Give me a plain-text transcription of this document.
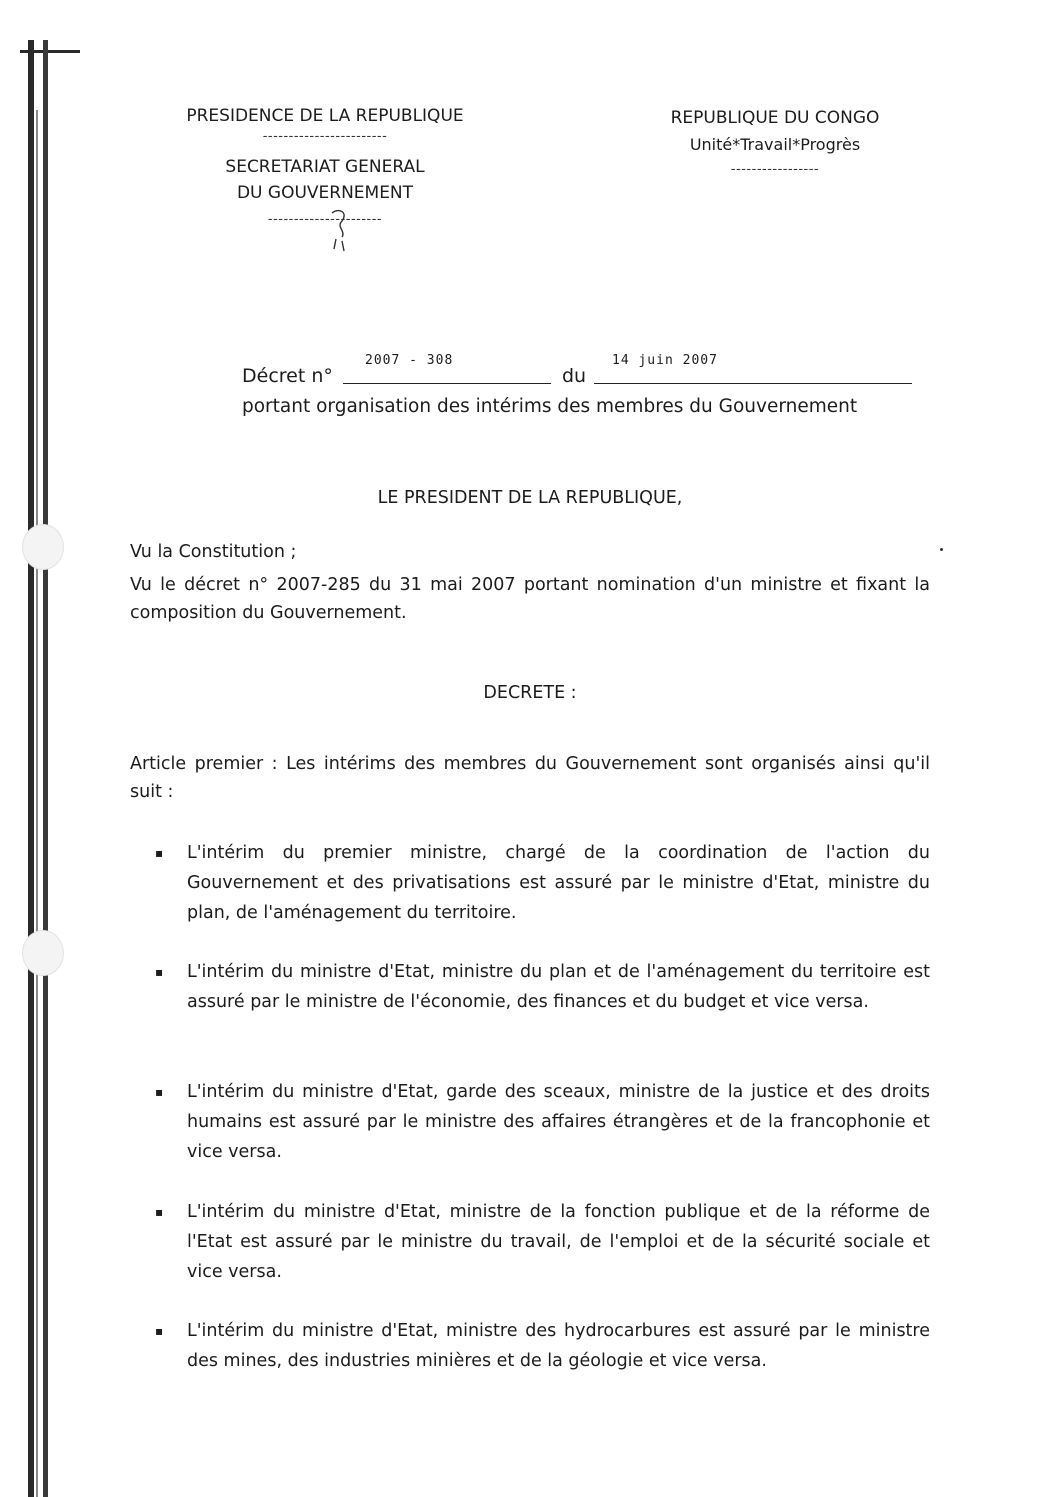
PRESIDENCE DE LA REPUBLIQUE
------------------------
SECRETARIAT GENERAL
DU GOUVERNEMENT
----------------------
REPUBLIQUE DU CONGO
Unité*Travail*Progrès
-----------------
Décret n°
2007 - 308
du
14 juin 2007
portant organisation des intérims des membres du Gouvernement
LE PRESIDENT DE LA REPUBLIQUE,
Vu la Constitution ;
Vu le décret n° 2007-285 du 31 mai 2007 portant nomination d'un ministre et fixant la composition du Gouvernement.
DECRETE :
Article premier : Les intérims des membres du Gouvernement sont organisés ainsi qu'il suit :
▪ L'intérim du premier ministre, chargé de la coordination de l'action du Gouvernement et des privatisations est assuré par le ministre d'Etat, ministre du plan, de l'aménagement du territoire.
▪ L'intérim du ministre d'Etat, ministre du plan et de l'aménagement du territoire est assuré par le ministre de l'économie, des finances et du budget et vice versa.
▪ L'intérim du ministre d'Etat, garde des sceaux, ministre de la justice et des droits humains est assuré par le ministre des affaires étrangères et de la francophonie et vice versa.
▪ L'intérim du ministre d'Etat, ministre de la fonction publique et de la réforme de l'Etat est assuré par le ministre du travail, de l'emploi et de la sécurité sociale et vice versa.
▪ L'intérim du ministre d'Etat, ministre des hydrocarbures est assuré par le ministre des mines, des industries minières et de la géologie et vice versa.
